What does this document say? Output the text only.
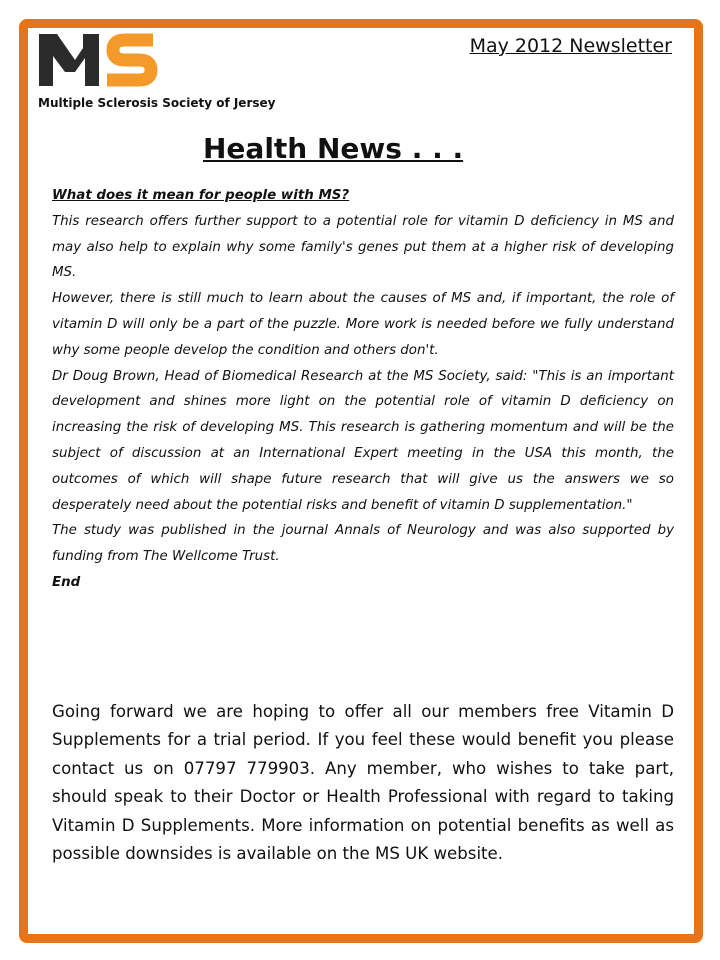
Multiple Sclerosis Society of Jersey
May 2012 Newsletter
Health News . . .

What does it mean for people with MS?

This research offers further support to a potential role for vitamin D deficiency in MS and may also help to explain why some family's genes put them at a higher risk of developing MS.

However, there is still much to learn about the causes of MS and, if important, the role of vitamin D will only be a part of the puzzle. More work is needed before we fully understand why some people develop the condition and others don't.

Dr Doug Brown, Head of Biomedical Research at the MS Society, said: "This is an important development and shines more light on the potential role of vitamin D deficiency on increasing the risk of developing MS. This research is gathering momentum and will be the subject of discussion at an International Expert meeting in the USA this month, the outcomes of which will shape future research that will give us the answers we so desperately need about the potential risks and benefit of vitamin D supplementation."

The study was published in the journal Annals of Neurology and was also supported by funding from The Wellcome Trust.

End

Going forward we are hoping to offer all our members free Vitamin D Supplements for a trial period. If you feel these would benefit you please contact us on 07797 779903. Any member, who wishes to take part, should speak to their Doctor or Health Professional with regard to taking Vitamin D Supplements. More information on potential benefits as well as possible downsides is available on the MS UK website.
